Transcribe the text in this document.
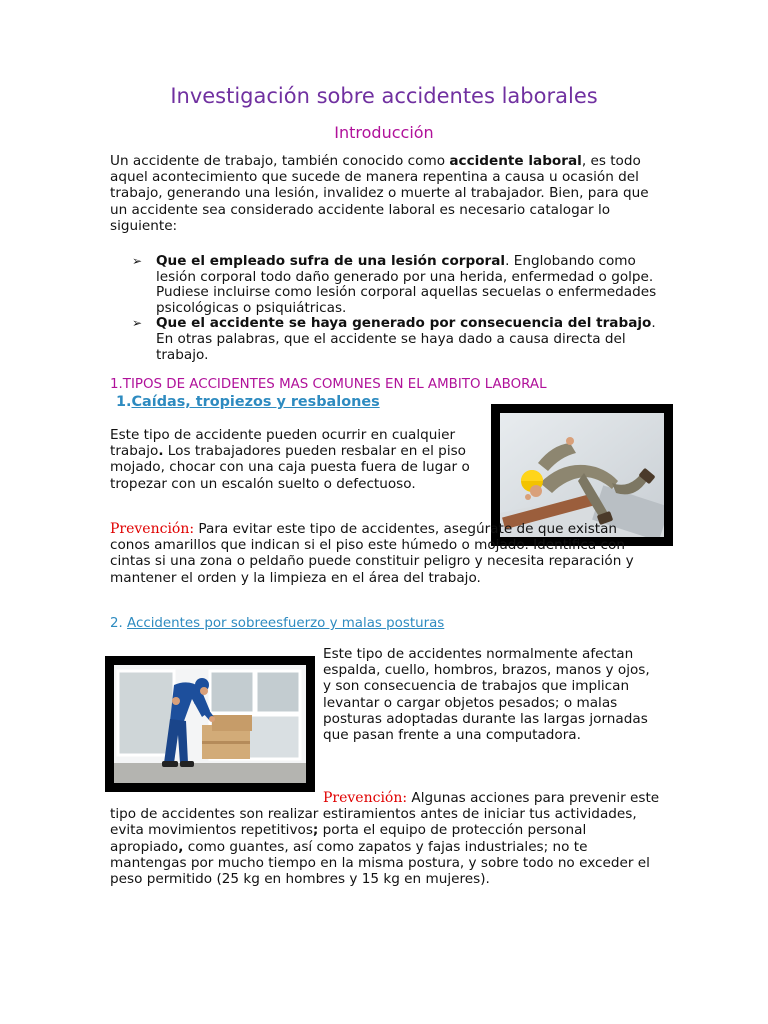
Investigación sobre accidentes laborales
Introducción

Un accidente de trabajo, también conocido como accidente laboral, es todo aquel acontecimiento que sucede de manera repentina a causa u ocasión del trabajo, generando una lesión, invalidez o muerte al trabajador. Bien, para que un accidente sea considerado accidente laboral es necesario catalogar lo siguiente:

➢ Que el empleado sufra de una lesión corporal. Englobando como lesión corporal todo daño generado por una herida, enfermedad o golpe. Pudiese incluirse como lesión corporal aquellas secuelas o enfermedades psicológicas o psiquiátricas.
➢ Que el accidente se haya generado por consecuencia del trabajo. En otras palabras, que el accidente se haya dado a causa directa del trabajo.

1.TIPOS DE ACCIDENTES MAS COMUNES EN EL AMBITO LABORAL

1.Caídas, tropiezos y resbalones

Este tipo de accidente pueden ocurrir en cualquier trabajo. Los trabajadores pueden resbalar en el piso mojado, chocar con una caja puesta fuera de lugar o tropezar con un escalón suelto o defectuoso.

Prevención: Para evitar este tipo de accidentes, asegúrate de que existan conos amarillos que indican si el piso este húmedo o mojado. Identifica con cintas si una zona o peldaño puede constituir peligro y necesita reparación y mantener el orden y la limpieza en el área del trabajo.

2. Accidentes por sobreesfuerzo y malas posturas

Este tipo de accidentes normalmente afectan espalda, cuello, hombros, brazos, manos y ojos, y son consecuencia de trabajos que implican levantar o cargar objetos pesados; o malas posturas adoptadas durante las largas jornadas que pasan frente a una computadora.

Prevención: Algunas acciones para prevenir este tipo de accidentes son realizar estiramientos antes de iniciar tus actividades, evita movimientos repetitivos; porta el equipo de protección personal apropiado, como guantes, así como zapatos y fajas industriales; no te mantengas por mucho tiempo en la misma postura, y sobre todo no exceder el peso permitido (25 kg en hombres y 15 kg en mujeres).
